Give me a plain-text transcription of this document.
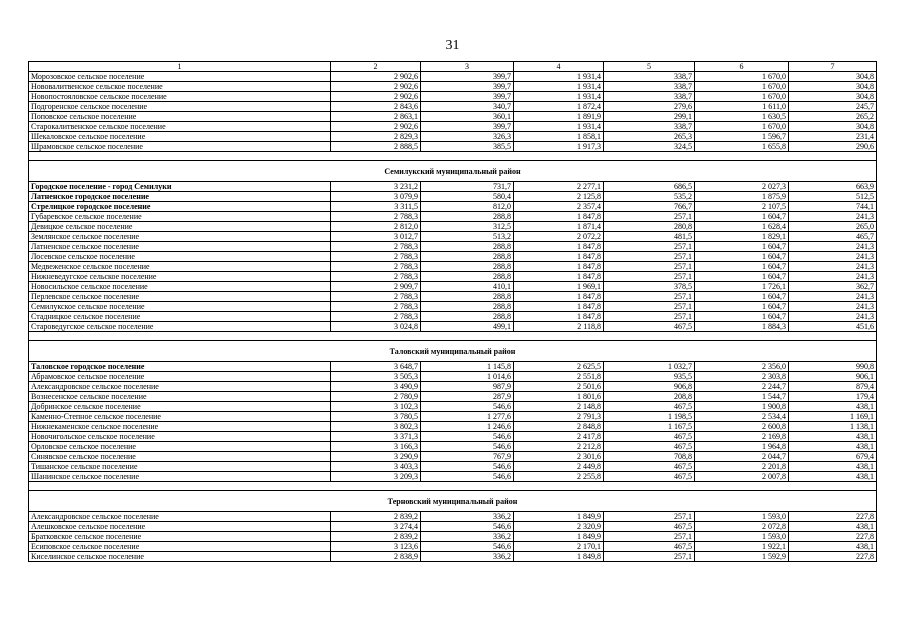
31
1	2	3	4	5	6	7
Морозовское сельское поселение	2 902,6	399,7	1 931,4	338,7	1 670,0	304,8
Нововалитвенское сельское поселение	2 902,6	399,7	1 931,4	338,7	1 670,0	304,8
Новопостояловское сельское поселение	2 902,6	399,7	1 931,4	338,7	1 670,0	304,8
Подгоренское сельское поселение	2 843,6	340,7	1 872,4	279,6	1 611,0	245,7
Поповское сельское поселение	2 863,1	360,1	1 891,9	299,1	1 630,5	265,2
Старокалитвенское сельское поселение	2 902,6	399,7	1 931,4	338,7	1 670,0	304,8
Шекаловское сельское поселение	2 829,3	326,3	1 858,1	265,3	1 596,7	231,4
Шрамовское сельское поселение	2 888,5	385,5	1 917,3	324,5	1 655,8	290,6

Семилукский муниципальный район						
Городское поселение - город Семилуки	3 231,2	731,7	2 277,1	686,5	2 027,3	663,9
Латненское городское поселение	3 079,9	580,4	2 125,8	535,2	1 875,9	512,5
Стрелицкое городское поселение	3 311,5	812,0	2 357,4	766,7	2 107,5	744,1
Губаревское сельское поселение	2 788,3	288,8	1 847,8	257,1	1 604,7	241,3
Девицкое сельское поселение	2 812,0	312,5	1 871,4	280,8	1 628,4	265,0
Землянское сельское поселение	3 012,7	513,2	2 072,2	481,5	1 829,1	465,7
Латненское сельское поселение	2 788,3	288,8	1 847,8	257,1	1 604,7	241,3
Лосевское сельское поселение	2 788,3	288,8	1 847,8	257,1	1 604,7	241,3
Медвеженское сельское поселение	2 788,3	288,8	1 847,8	257,1	1 604,7	241,3
Нижневедугское сельское поселение	2 788,3	288,8	1 847,8	257,1	1 604,7	241,3
Новосильское сельское поселение	2 909,7	410,1	1 969,1	378,5	1 726,1	362,7
Перлевское сельское поселение	2 788,3	288,8	1 847,8	257,1	1 604,7	241,3
Семилукское сельское поселение	2 788,3	288,8	1 847,8	257,1	1 604,7	241,3
Стадницкое сельское поселение	2 788,3	288,8	1 847,8	257,1	1 604,7	241,3
Староведугское сельское поселение	3 024,8	499,1	2 118,8	467,5	1 884,3	451,6

Таловский муниципальный район						
Таловское городское поселение	3 648,7	1 145,8	2 625,5	1 032,7	2 356,0	990,8
Абрамовское сельское поселение	3 505,3	1 014,6	2 551,8	935,5	2 303,8	906,1
Александровское сельское поселение	3 490,9	987,9	2 501,6	906,8	2 244,7	879,4
Вознесенское сельское поселение	2 780,9	287,9	1 801,6	208,8	1 544,7	179,4
Добринское сельское поселение	3 102,3	546,6	2 148,8	467,5	1 900,8	438,1
Каменно-Степное сельское поселение	3 780,5	1 277,6	2 791,3	1 198,5	2 534,4	1 169,1
Нижнекаменское сельское поселение	3 802,3	1 246,6	2 848,8	1 167,5	2 600,8	1 138,1
Новочигольское сельское поселение	3 371,3	546,6	2 417,8	467,5	2 169,8	438,1
Орловское сельское поселение	3 166,3	546,6	2 212,8	467,5	1 964,8	438,1
Синявское сельское поселение	3 290,9	767,9	2 301,6	708,8	2 044,7	679,4
Тишанское сельское поселение	3 403,3	546,6	2 449,8	467,5	2 201,8	438,1
Шанинское сельское поселение	3 209,3	546,6	2 255,8	467,5	2 007,8	438,1

Терновский муниципальный район						
Александровское сельское поселение	2 839,2	336,2	1 849,9	257,1	1 593,0	227,8
Алешковское сельское поселение	3 274,4	546,6	2 320,9	467,5	2 072,8	438,1
Братковское сельское поселение	2 839,2	336,2	1 849,9	257,1	1 593,0	227,8
Есиповское сельское поселение	3 123,6	546,6	2 170,1	467,5	1 922,1	438,1
Киселинское сельское поселение	2 838,9	336,2	1 849,8	257,1	1 592,9	227,8
